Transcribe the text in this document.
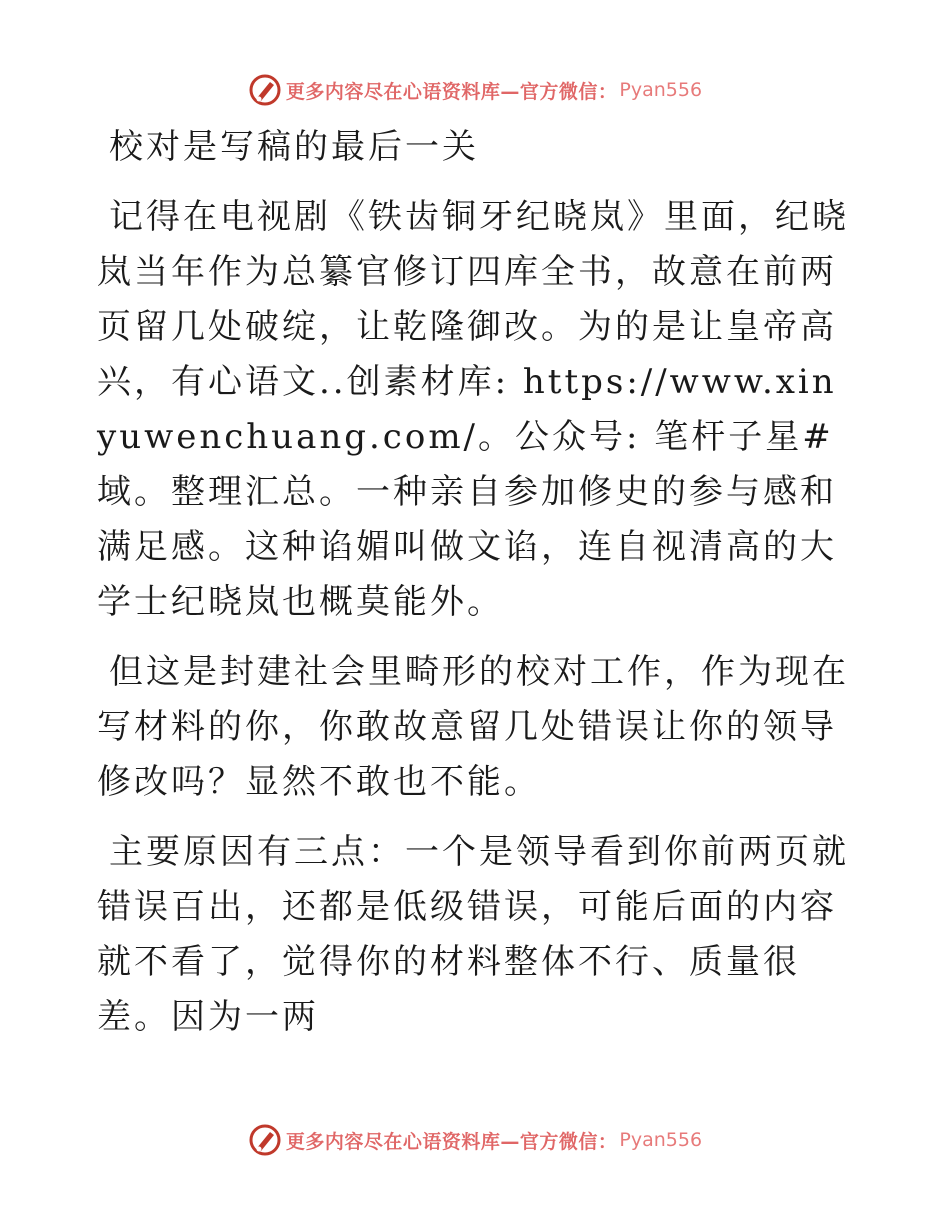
更多内容尽在心语资料库—官方微信： Pyan556

校对是写稿的最后一关

记得在电视剧《铁齿铜牙纪晓岚》里面，纪晓岚当年作为总纂官修订四库全书，故意在前两页留几处破绽，让乾隆御改。为的是让皇帝高兴，有心语文..创素材库: https://www.xinyuwenchuang.com/。公众号: 笔杆子星#域。整理汇总。一种亲自参加修史的参与感和满足感。这种谄媚叫做文谄，连自视清高的大学士纪晓岚也概莫能外。

但这是封建社会里畸形的校对工作，作为现在写材料的你，你敢故意留几处错误让你的领导修改吗？显然不敢也不能。

主要原因有三点：一个是领导看到你前两页就错误百出，还都是低级错误，可能后面的内容就不看了，觉得你的材料整体不行、质量很差。因为一两

更多内容尽在心语资料库—官方微信： Pyan556
